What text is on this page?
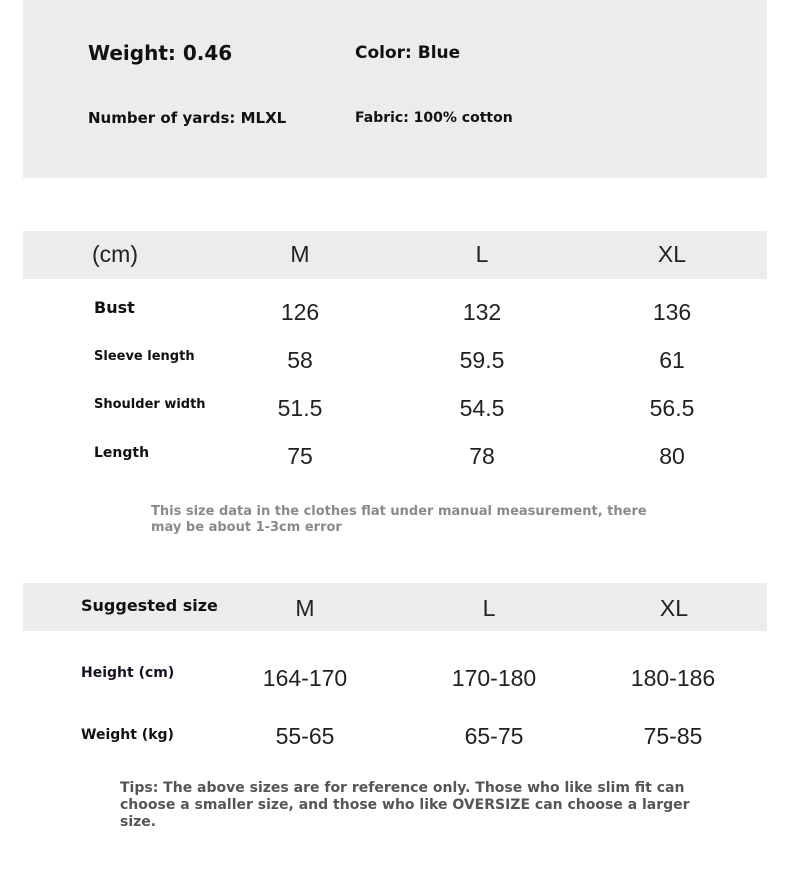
Weight: 0.46	Color: Blue
Number of yards: MLXL	Fabric: 100% cotton
(cm)	M	L	XL
Bust	126	132	136
Sleeve length	58	59.5	61
Shoulder width	51.5	54.5	56.5
Length	75	78	80
This size data in the clothes flat under manual measurement, there may be about 1-3cm error
Suggested size	M	L	XL
Height (cm)	164-170	170-180	180-186
Weight (kg)	55-65	65-75	75-85
Tips: The above sizes are for reference only. Those who like slim fit can choose a smaller size, and those who like OVERSIZE can choose a larger size.
